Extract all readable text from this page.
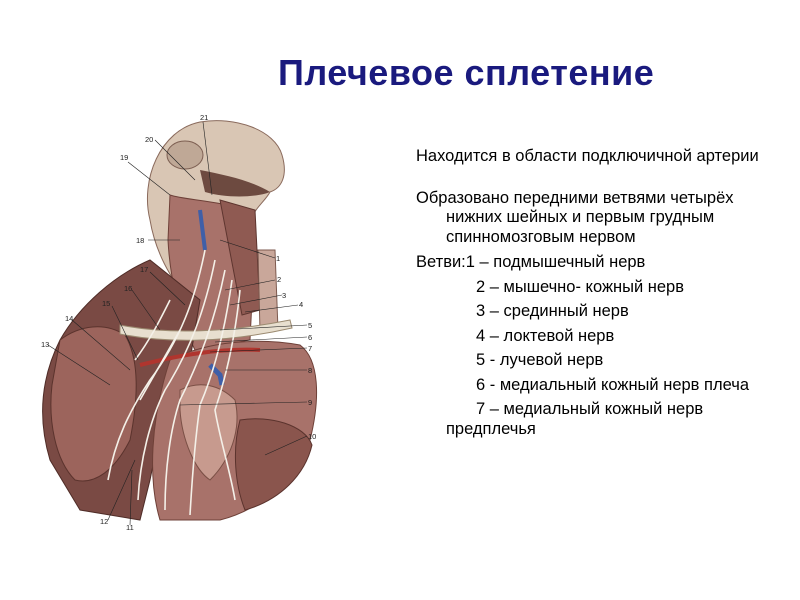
Плечевое сплетение
21
20
19
18
17
16
15
14
13
12
11
1
2
3
4
5
6
7
8
9
10

Находится в области подключичной артерии

Образовано передними ветвями четырёх нижних шейных и первым грудным спинномозговым нервом

Ветви:1 – подмышечный нерв

2 – мышечно- кожный нерв

3 – срединный нерв

4 – локтевой нерв

5 - лучевой нерв

6 - медиальный кожный нерв плеча

7 – медиальный кожный нерв предплечья
